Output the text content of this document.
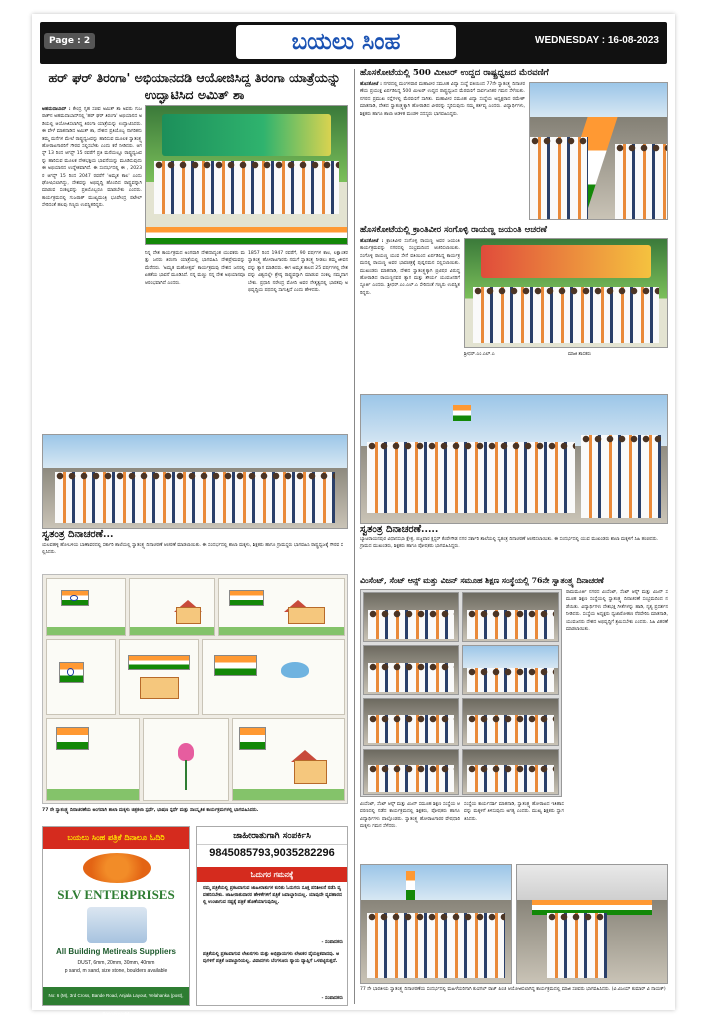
Page : 2	ಬಯಲು ಸಿಂಹ	WEDNESDAY : 16-08-2023
ಹರ್ ಘರ್ ತಿರಂಗಾ' ಅಭಿಯಾನದಡಿ ಆಯೋಜಿಸಿದ್ದ ತಿರಂಗಾ ಯಾತ್ರೆಯನ್ನು ಉದ್ಘಾಟಿಸಿದ ಅಮಿತ್ ಶಾ
ಅಹಮದಾಬಾದ್ : ಕೇಂದ್ರ ಗೃಹ ಸಚಿವ ಅಮಿತ್ ಶಾ ಅವರು ಗುಜರಾತ್‌ನ ಅಹಮದಾಬಾದ್‌ನಲ್ಲಿ 'ಹರ್ ಘರ್ ತಿರಂಗಾ' ಅಭಿಯಾನದ ಅಡಿಯಲ್ಲಿ ಆಯೋಜಿಸಲಾಗಿದ್ದ ತಿರಂಗಾ ಯಾತ್ರೆಯನ್ನು ಉದ್ಘಾಟಿಸಿದರು. ಈ ವೇಳೆ ಮಾತನಾಡಿದ ಅಮಿತ್ ಶಾ, ದೇಶದ ಪ್ರತಿಯೊಬ್ಬ ನಾಗರಿಕನು ತಮ್ಮ ಮನೆಗಳ ಮೇಲೆ ರಾಷ್ಟ್ರಧ್ವಜವನ್ನು ಹಾರಿಸುವ ಮೂಲಕ ಸ್ವಾತಂತ್ರ್ಯ ಹೋರಾಟಗಾರರಿಗೆ ಗೌರವ ಸಲ್ಲಿಸಬೇಕು ಎಂದು ಕರೆ ನೀಡಿದರು. ಆಗಸ್ಟ್ 13 ರಿಂದ ಆಗಸ್ಟ್ 15 ರವರೆಗೆ ಪ್ರತಿ ಮನೆಯಲ್ಲೂ ರಾಷ್ಟ್ರಧ್ವಜವನ್ನು ಹಾರಿಸುವ ಮೂಲಕ ದೇಶಭಕ್ತಿಯ ಭಾವನೆಯನ್ನು ಮೂಡಿಸುವುದು ಈ ಅಭಿಯಾನದ ಉದ್ದೇಶವಾಗಿದೆ. ಈ ಸಂದರ್ಭದಲ್ಲಿ ಈ , 2023 ರ ಆಗಸ್ಟ್ 15 ರಿಂದ 2047 ರವರೆಗೆ 'ಅಮೃತ ಕಾಲ' ಎಂದು ಘೋಷಿಸಲಾಗಿದ್ದು, ದೇಶವನ್ನು ಅಭಿವೃದ್ಧಿ ಹೊಂದಿದ ರಾಷ್ಟ್ರವನ್ನಾಗಿ ಮಾಡುವ ಸಂಕಲ್ಪವನ್ನು ಪ್ರತಿಯೊಬ್ಬರೂ ಮಾಡಬೇಕು ಎಂದರು. ಕಾರ್ಯಕ್ರಮದಲ್ಲಿ ಗುಜರಾತ್ ಮುಖ್ಯಮಂತ್ರಿ ಭೂಪೇಂದ್ರ ಪಟೇಲ್ ಸೇರಿದಂತೆ ಹಲವು ಗಣ್ಯರು ಉಪಸ್ಥಿತರಿದ್ದರು.
ನಿನ್ನ ದೇಶ ಕಾರ್ಯಕ್ರಮದ ಅಂಗವಾಗಿ ದೇಶದಾದ್ಯಂತ ಯುವಕರು ಮತ್ತು ಜನರು ತಿರಂಗಾ ಯಾತ್ರೆಯಲ್ಲಿ ಭಾಗವಹಿಸಿ ದೇಶಪ್ರೇಮವನ್ನು ಮೆರೆದರು. 'ಅಮೃತ ಮಹೋತ್ಸವ' ಕಾರ್ಯಕ್ರಮವು ದೇಶದ ಜನರಲ್ಲಿ ಏಕತೆಯ ಭಾವನೆ ಮೂಡಿಸಿದೆ. ನನ್ನ ಮಣ್ಣು ನನ್ನ ದೇಶ ಅಭಿಯಾನವೂ ಆರಂಭವಾಗಿದೆ ಎಂದರು.
1857 ರಿಂದ 1947 ರವರೆಗೆ, 90 ವರ್ಷಗಳ ಕಾಲ, ಲಕ್ಷಾಂತರ ಸ್ವಾತಂತ್ರ್ಯ ಹೋರಾಟಗಾರರು ನಮಗೆ ಸ್ವಾತಂತ್ರ್ಯ ನೀಡಲು ತಮ್ಮ ಜೀವನವನ್ನು ತ್ಯಾಗ ಮಾಡಿದರು. ಈಗ ಅಮೃತ ಕಾಲದ 25 ವರ್ಷಗಳಲ್ಲಿ ದೇಶವನ್ನು ವಿಶ್ವದಲ್ಲೇ ಶ್ರೇಷ್ಠ ರಾಷ್ಟ್ರವನ್ನಾಗಿ ಮಾಡುವ ಸಂಕಲ್ಪ ನಮ್ಮದಾಗಬೇಕು. ಪ್ರಧಾನಿ ನರೇಂದ್ರ ಮೋದಿ ಅವರ ನೇತೃತ್ವದಲ್ಲಿ ಭಾರತವು ಅಭಿವೃದ್ಧಿಯ ಪಥದಲ್ಲಿ ಸಾಗುತ್ತಿದೆ ಎಂದು ಹೇಳಿದರು.
ಸ್ವತಂತ್ರ ದಿನಾಚರಣೆ...
ಯಲವಹಳ್ಳಿ ಹೋಬಳಿಯ ಬಾಣಾವರದಲ್ಲಿ ಸರ್ಕಾರಿ ಶಾಲೆಯಲ್ಲಿ ಸ್ವಾತಂತ್ರ್ಯ ದಿನಾಚರಣೆ ಆಚರಣೆ ಮಾಡಲಾಯಿತು. ಈ ಸಂದರ್ಭದಲ್ಲಿ ಶಾಲಾ ಮಕ್ಕಳು, ಶಿಕ್ಷಕರು ಹಾಗೂ ಗ್ರಾಮಸ್ಥರು ಭಾಗವಹಿಸಿ ರಾಷ್ಟ್ರಧ್ವಜಕ್ಕೆ ಗೌರವ ಸಲ್ಲಿಸಿದರು.
77 ನೇ ಸ್ವಾತಂತ್ರ್ಯ ದಿನಾಚರಣೆಯ ಅಂಗವಾಗಿ ಶಾಲಾ ಮಕ್ಕಳು ಚಿತ್ರಕಲಾ ಸ್ಪರ್ಧೆ, ಭಾಷಣ ಸ್ಪರ್ಧೆ ಮತ್ತು ಸಾಂಸ್ಕೃತಿಕ ಕಾರ್ಯಕ್ರಮಗಳಲ್ಲಿ ಭಾಗವಹಿಸಿದರು.
ಬಯಲು ಸಿಂಹ ಪತ್ರಿಕೆ ದಿನಾಲೂ ಓದಿರಿ
SLV ENTERPRISES
All Building Metireals Suppliers
DUST, 6mm, 20mm, 30mm, 40mm
p sand, m sand, size stone, boulders available
No: 6 (M), 3rd Cross, Bande Road, Anjala Layout, Yelahanka (post), Bangalore-64
ಜಾಹೀರಾತುಗಾಗಿ ಸಂಪರ್ಕಿಸಿ
9845085793,9035282296
ಓದುಗರ ಗಮನಕ್ಕೆ
ನಮ್ಮ ಪತ್ರಿಕೆಯಲ್ಲಿ ಪ್ರಕಟವಾಗುವ ಜಾಹೀರಾತುಗಳ ಕುರಿತು ಓದುಗರು ಸೂಕ್ತ ಪರಿಶೀಲನೆ ನಡೆಸಿ ವ್ಯವಹರಿಸಬೇಕು. ಜಾಹೀರಾತುದಾರರ ಹೇಳಿಕೆಗಳಿಗೆ ಪತ್ರಿಕೆ ಜವಾಬ್ದಾರಿಯಲ್ಲ. ಯಾವುದೇ ವ್ಯವಹಾರದಲ್ಲಿ ಉಂಟಾಗುವ ನಷ್ಟಕ್ಕೆ ಪತ್ರಿಕೆ ಹೊಣೆಯಾಗುವುದಿಲ್ಲ.
- ಸಂಪಾದಕರು
ಪತ್ರಿಕೆಯಲ್ಲಿ ಪ್ರಕಟವಾಗುವ ಲೇಖನಗಳು ಮತ್ತು ಅಭಿಪ್ರಾಯಗಳು ಲೇಖಕರ ವೈಯಕ್ತಿಕವಾದವು. ಅವುಗಳಿಗೆ ಪತ್ರಿಕೆ ಜವಾಬ್ದಾರಿಯಲ್ಲ. ವಿವಾದಗಳು ಬೆಂಗಳೂರು ನ್ಯಾಯ ವ್ಯಾಪ್ತಿಗೆ ಒಳಪಟ್ಟಿರುತ್ತದೆ.
- ಸಂಪಾದಕರು
ಹೊಸಕೋಟೆಯಲ್ಲಿ 500 ಮೀಟರ್ ಉದ್ದದ ರಾಷ್ಟ್ರಧ್ವಜದ ಮೆರವಣಿಗೆ
ಹೊಸಕೋಟೆ : ನಗರದಲ್ಲಿ ಮಂಗಳವಾರ ಮಹಾವೀರ ಸಮೂಹ ವಿದ್ಯಾ ಸಂಸ್ಥೆ ವತಿಯಿಂದ 77ನೇ ಸ್ವಾತಂತ್ರ್ಯ ದಿನಾಚರಣೆಯ ಪ್ರಯುಕ್ತ ಏರ್ಪಡಿಸಿದ್ದ 500 ಮೀಟರ್ ಉದ್ದದ ರಾಷ್ಟ್ರಧ್ವಜದ ಮೆರವಣಿಗೆ ಸಾರ್ವಜನಿಕರ ಗಮನ ಸೆಳೆಯಿತು. ನಗರದ ಪ್ರಮುಖ ರಸ್ತೆಗಳಲ್ಲಿ ಮೆರವಣಿಗೆ ಸಾಗಿತು. ಮಹಾವೀರ ಸಮೂಹ ವಿದ್ಯಾ ಸಂಸ್ಥೆಯ ಅಧ್ಯಕ್ಷರಾದ ರಮೇಶ್ ಮಾತನಾಡಿ, ದೇಶದ ಸ್ವಾತಂತ್ರ್ಯಕ್ಕಾಗಿ ಹೋರಾಡಿದ ವೀರರನ್ನು ಸ್ಮರಿಸುವುದು ನಮ್ಮ ಕರ್ತವ್ಯ ಎಂದರು. ವಿದ್ಯಾರ್ಥಿಗಳು, ಶಿಕ್ಷಕರು ಹಾಗೂ ಶಾಲಾ ಆಡಳಿತ ಮಂಡಳಿ ಸದಸ್ಯರು ಭಾಗವಹಿಸಿದ್ದರು.
ಹೊಸಕೋಟೆಯಲ್ಲಿ ಕ್ರಾಂತಿವೀರ ಸಂಗೊಳ್ಳಿ ರಾಯಣ್ಣ ಜಯಂತಿ ಆಚರಣೆ
ಹೊಸಕೋಟೆ : ಕ್ರಾಂತಿವೀರ ಸಂಗೊಳ್ಳಿ ರಾಯಣ್ಣ ಅವರ ಜಯಂತಿ ಕಾರ್ಯಕ್ರಮವನ್ನು ನಗರದಲ್ಲಿ ಸಂಭ್ರಮದಿಂದ ಆಚರಿಸಲಾಯಿತು. ಸಂಗೊಳ್ಳಿ ರಾಯಣ್ಣ ಯುವ ಸೇನೆ ವತಿಯಿಂದ ಏರ್ಪಡಿಸಿದ್ದ ಕಾರ್ಯಕ್ರಮದಲ್ಲಿ ರಾಯಣ್ಣ ಅವರ ಭಾವಚಿತ್ರಕ್ಕೆ ಪುಷ್ಪನಮನ ಸಲ್ಲಿಸಲಾಯಿತು. ಮುಖಂಡರು ಮಾತನಾಡಿ, ದೇಶದ ಸ್ವಾತಂತ್ರ್ಯಕ್ಕಾಗಿ ಬ್ರಿಟಿಷರ ವಿರುದ್ಧ ಹೋರಾಡಿದ ರಾಯಣ್ಣನವರ ತ್ಯಾಗ ಮತ್ತು ಶೌರ್ಯ ಯುವಜನರಿಗೆ ಸ್ಫೂರ್ತಿ ಎಂದರು. ಶ್ರೀಧರ್.ಎಂ.ಎಲ್.ಎ ಸೇರಿದಂತೆ ಗಣ್ಯರು ಉಪಸ್ಥಿತರಿದ್ದರು.
ಶ್ರೀಧರ್.ಎಂ.ಎಲ್.ಎ	ಮಾಜಿ ಶಾಸಕರು
ಸ್ವತಂತ್ರ ದಿನಾಚರಣೆ.....
ಬ್ಯಾಟರಾಯನಪುರ ವಿಧಾನಸಭಾ ಕ್ಷೇತ್ರ, ಬಿಜ್ಜವಾರ ಕ್ಲಸ್ಟರ್ ಕೆಂಪೇಗೌಡ ನಗರ ಸರ್ಕಾರಿ ಶಾಲೆಯಲ್ಲಿ ಸ್ವತಂತ್ರ ದಿನಾಚರಣೆ ಆಚರಿಸಲಾಯಿತು. ಈ ಸಂದರ್ಭದಲ್ಲಿ ಯುವ ಮುಖಂಡರು ಶಾಲಾ ಮಕ್ಕಳಿಗೆ ಸಿಹಿ ಹಂಚಿದರು. ಗ್ರಾಮದ ಮುಖಂಡರು, ಶಿಕ್ಷಕರು ಹಾಗೂ ಪೋಷಕರು ಭಾಗವಹಿಸಿದ್ದರು.
ವಿಂಸೆಂಟ್, ಸೆಂಟ್ ಆನ್ಸ್ ಮತ್ತು ವಿಜನ್ ಸಮೂಹ ಶಿಕ್ಷಣ ಸಂಸ್ಥೆಯಲ್ಲಿ 76ನೇ ಸ್ವಾತಂತ್ರ್ಯ ದಿನಾಚರಣೆ
ರಾಮಮೂರ್ತಿ ನಗರದ ವಿಂಸೆಂಟ್, ಸೆಂಟ್ ಆನ್ಸ್ ಮತ್ತು ವಿಜನ್ ಸಮೂಹ ಶಿಕ್ಷಣ ಸಂಸ್ಥೆಯಲ್ಲಿ ಸ್ವಾತಂತ್ರ್ಯ ದಿನಾಚರಣೆ ಸಂಭ್ರಮದಿಂದ ನಡೆಯಿತು. ವಿದ್ಯಾರ್ಥಿಗಳು ದೇಶಭಕ್ತಿ ಗೀತೆಗಳನ್ನು ಹಾಡಿ, ನೃತ್ಯ ಪ್ರದರ್ಶನ ನೀಡಿದರು. ಸಂಸ್ಥೆಯ ಅಧ್ಯಕ್ಷರು ಧ್ವಜಾರೋಹಣ ನೆರವೇರಿಸಿ ಮಾತನಾಡಿ, ಯುವಜನರು ದೇಶದ ಅಭಿವೃದ್ಧಿಗೆ ಶ್ರಮಿಸಬೇಕು ಎಂದರು. ಸಿಹಿ ವಿತರಣೆ ಮಾಡಲಾಯಿತು.
ವಿಂಸೆಂಟ್, ಸೆಂಟ್ ಆನ್ಸ್ ಮತ್ತು ವಿಜನ್ ಸಮೂಹ ಶಿಕ್ಷಣ ಸಂಸ್ಥೆಯ ಆವರಣದಲ್ಲಿ ನಡೆದ ಕಾರ್ಯಕ್ರಮದಲ್ಲಿ ಶಿಕ್ಷಕರು, ಪೋಷಕರು ಹಾಗೂ ವಿದ್ಯಾರ್ಥಿಗಳು ಪಾಲ್ಗೊಂಡರು. ಸ್ವಾತಂತ್ರ್ಯ ಹೋರಾಟಗಾರರ ವೇಷಧಾರಿ ಮಕ್ಕಳು ಗಮನ ಸೆಳೆದರು.
ಸಂಸ್ಥೆಯ ಕಾರ್ಯದರ್ಶಿ ಮಾತನಾಡಿ, ಸ್ವಾತಂತ್ರ್ಯ ಹೋರಾಟದ ಇತಿಹಾಸವನ್ನು ಮಕ್ಕಳಿಗೆ ತಿಳಿಸುವುದು ಅಗತ್ಯ ಎಂದರು. ಮುಖ್ಯ ಶಿಕ್ಷಕರು ಸ್ವಾಗತಿಸಿದರು.
77 ನೇ ಭಾರತೀಯ ಸ್ವಾತಂತ್ರ್ಯ ದಿನಾಚರಣೆಯ ಸಂದರ್ಭದಲ್ಲಿ ಮಹಿಳೆಯರಿಗಾಗಿ ಕುಣಿಗಲ್ ರಾಜ್ ಪಿಂಚಿ ಆಯೋಜಿಸಲಾಗಿದ್ದ ಕಾರ್ಯಕ್ರಮದಲ್ಲಿ ಮಾಜಿ ಸಚಿವರು ಭಾಗವಹಿಸಿದರು. (ವಿ.ವಿಜಯ್ ಕುಮಾರ್ ವಿ ನಾಯಕ್)
